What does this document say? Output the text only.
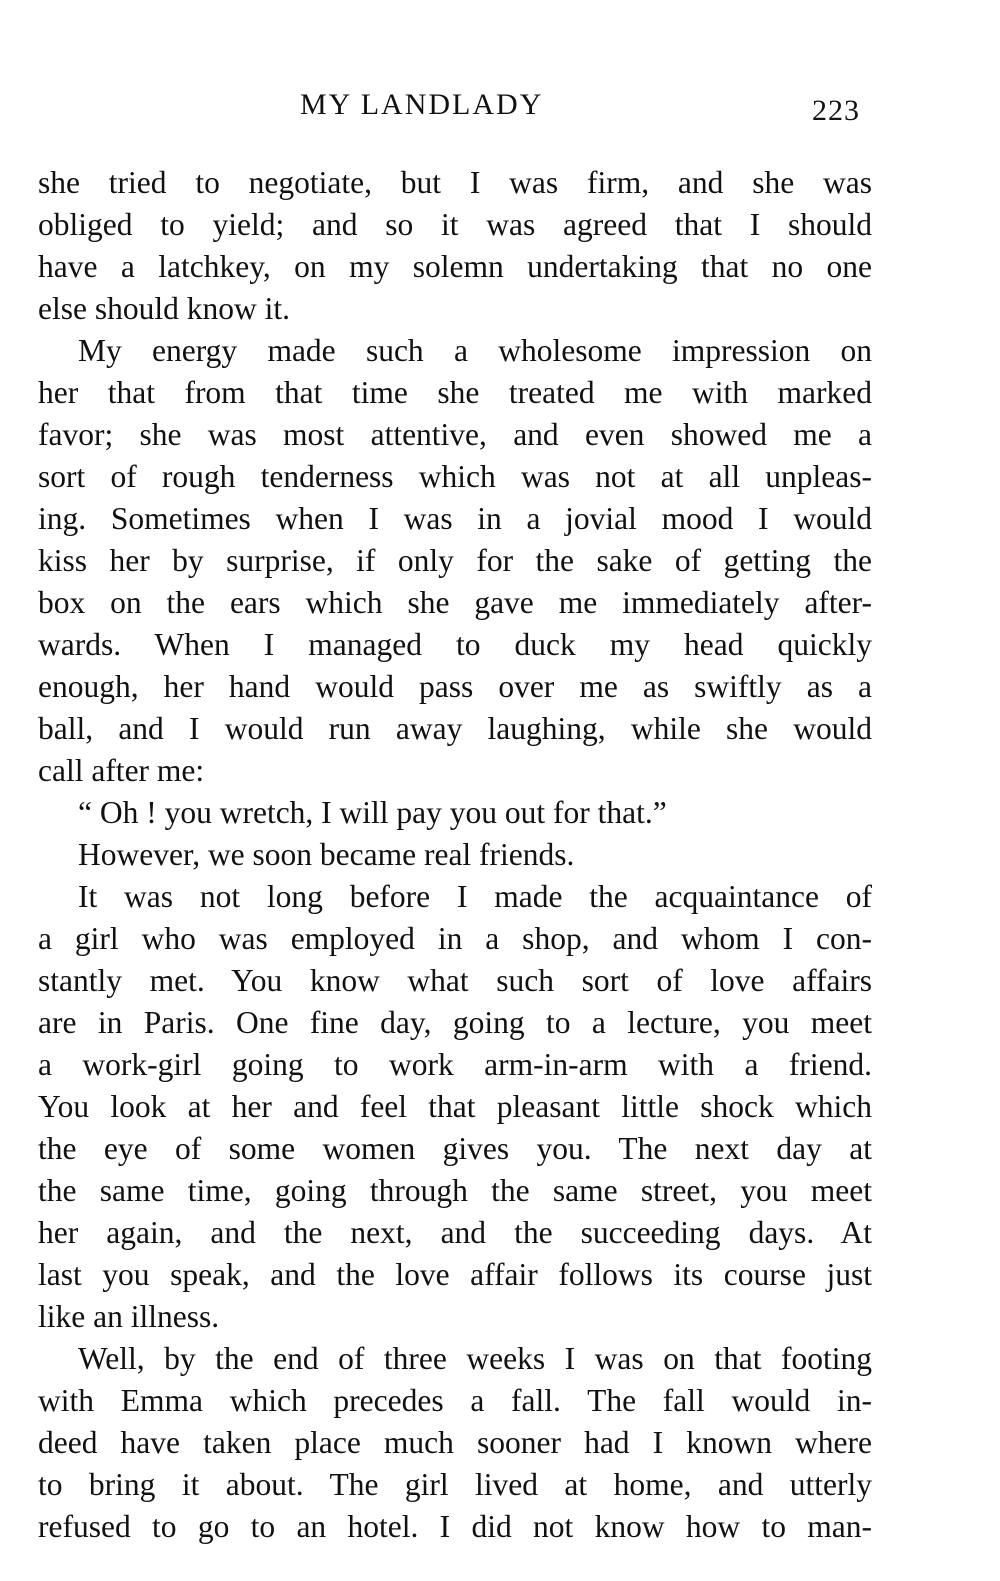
MY LANDLADY	223
she tried to negotiate, but I was firm, and she was
obliged to yield; and so it was agreed that I should
have a latchkey, on my solemn undertaking that no one
else should know it.
My energy made such a wholesome impression on
her that from that time she treated me with marked
favor; she was most attentive, and even showed me a
sort of rough tenderness which was not at all unpleas-
ing. Sometimes when I was in a jovial mood I would
kiss her by surprise, if only for the sake of getting the
box on the ears which she gave me immediately after-
wards. When I managed to duck my head quickly
enough, her hand would pass over me as swiftly as a
ball, and I would run away laughing, while she would
call after me:
“ Oh ! you wretch, I will pay you out for that.”
However, we soon became real friends.
It was not long before I made the acquaintance of
a girl who was employed in a shop, and whom I con-
stantly met. You know what such sort of love affairs
are in Paris. One fine day, going to a lecture, you meet
a work-girl going to work arm-in-arm with a friend.
You look at her and feel that pleasant little shock which
the eye of some women gives you. The next day at
the same time, going through the same street, you meet
her again, and the next, and the succeeding days. At
last you speak, and the love affair follows its course just
like an illness.
Well, by the end of three weeks I was on that footing
with Emma which precedes a fall. The fall would in-
deed have taken place much sooner had I known where
to bring it about. The girl lived at home, and utterly
refused to go to an hotel. I did not know how to man-
